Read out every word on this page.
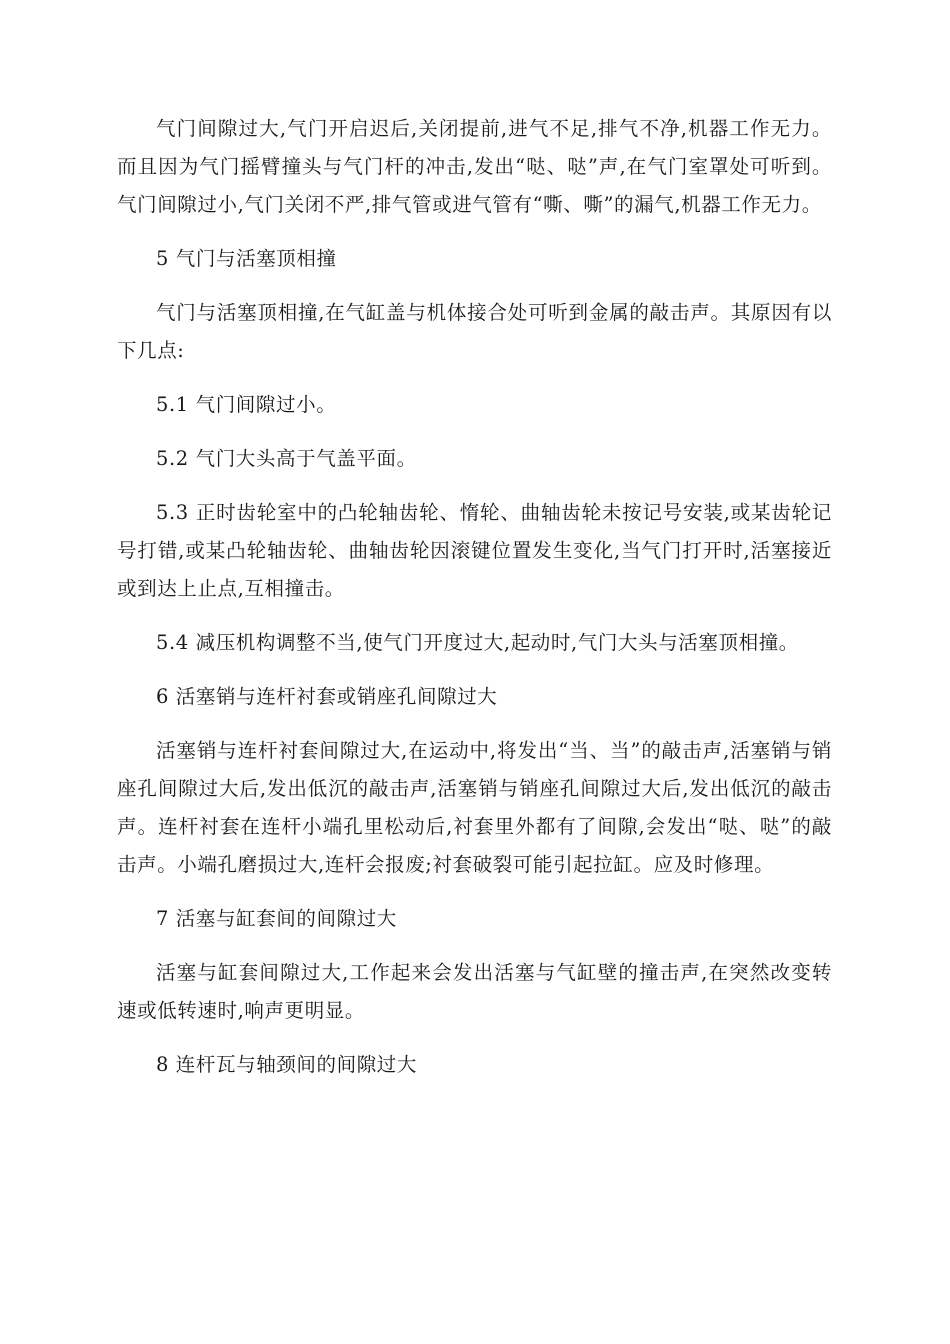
气门间隙过大,气门开启迟后,关闭提前,进气不足,排气不净,机器工作无力。而且因为气门摇臂撞头与气门杆的冲击,发出“哒、哒”声,在气门室罩处可听到。气门间隙过小,气门关闭不严,排气管或进气管有“嘶、嘶”的漏气,机器工作无力。

5 气门与活塞顶相撞

气门与活塞顶相撞,在气缸盖与机体接合处可听到金属的敲击声。其原因有以下几点:

5.1 气门间隙过小。

5.2 气门大头高于气盖平面。

5.3 正时齿轮室中的凸轮轴齿轮、惰轮、曲轴齿轮未按记号安装,或某齿轮记号打错,或某凸轮轴齿轮、曲轴齿轮因滚键位置发生变化,当气门打开时,活塞接近或到达上止点,互相撞击。

5.4 减压机构调整不当,使气门开度过大,起动时,气门大头与活塞顶相撞。

6 活塞销与连杆衬套或销座孔间隙过大

活塞销与连杆衬套间隙过大,在运动中,将发出“当、当”的敲击声,活塞销与销座孔间隙过大后,发出低沉的敲击声,活塞销与销座孔间隙过大后,发出低沉的敲击声。连杆衬套在连杆小端孔里松动后,衬套里外都有了间隙,会发出“哒、哒”的敲击声。小端孔磨损过大,连杆会报废;衬套破裂可能引起拉缸。应及时修理。

7 活塞与缸套间的间隙过大

活塞与缸套间隙过大,工作起来会发出活塞与气缸壁的撞击声,在突然改变转速或低转速时,响声更明显。

8 连杆瓦与轴颈间的间隙过大
